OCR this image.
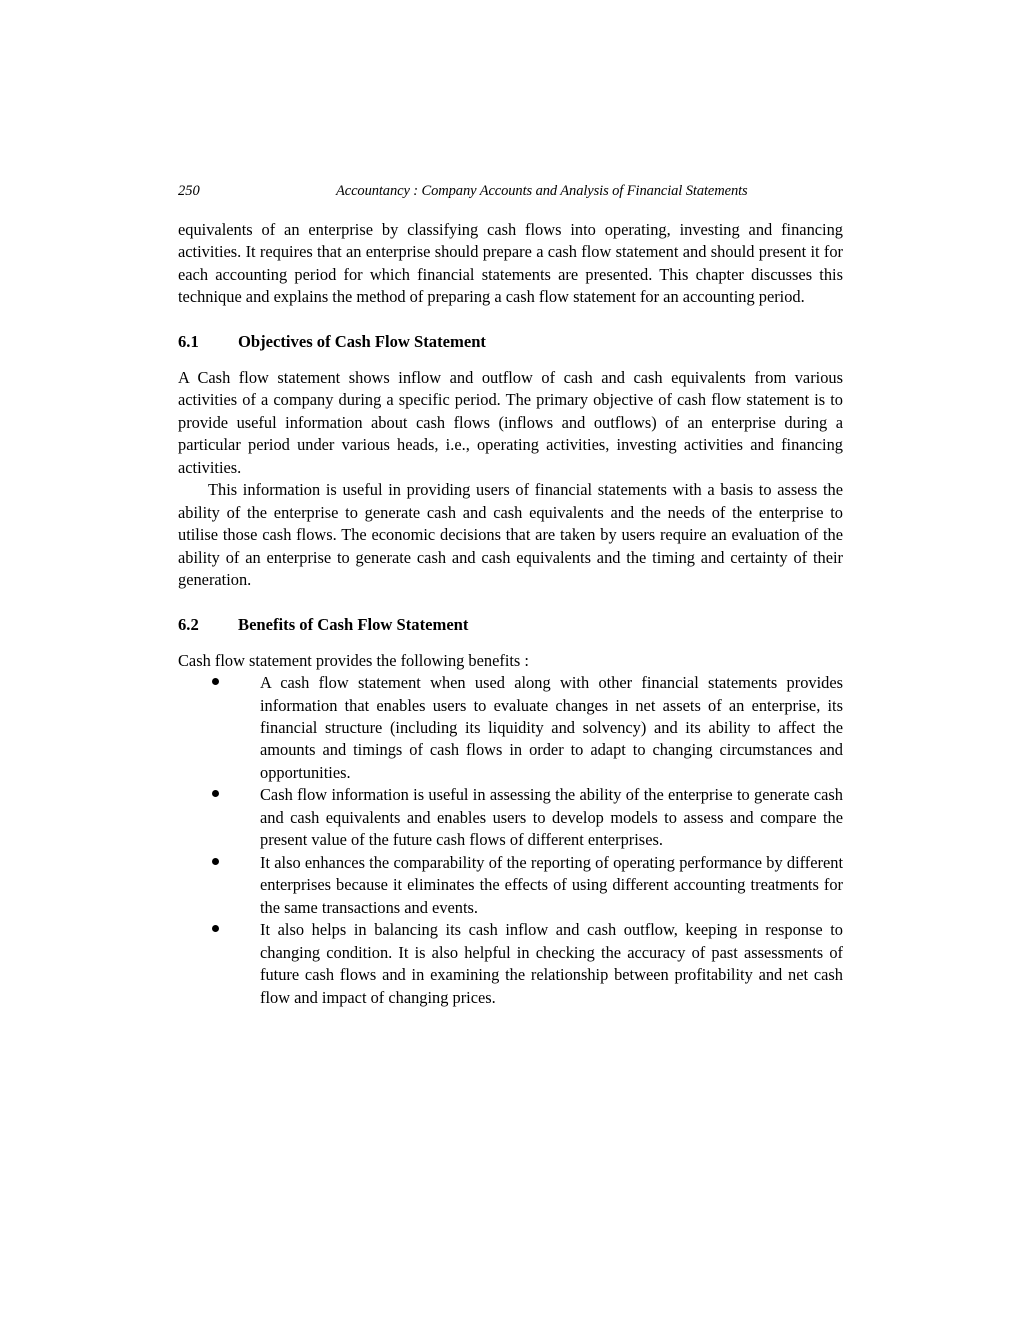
250	Accountancy : Company Accounts and Analysis of Financial Statements

equivalents of an enterprise by classifying cash flows into operating, investing and financing activities. It requires that an enterprise should prepare a cash flow statement and should present it for each accounting period for which financial statements are presented. This chapter discusses this technique and explains the method of preparing a cash flow statement for an accounting period.

6.1	Objectives of Cash Flow Statement

A Cash flow statement shows inflow and outflow of cash and cash equivalents from various activities of a company during a specific period. The primary objective of cash flow statement is to provide useful information about cash flows (inflows and outflows) of an enterprise during a particular period under various heads, i.e., operating activities, investing activities and financing activities.

This information is useful in providing users of financial statements with a basis to assess the ability of the enterprise to generate cash and cash equivalents and the needs of the enterprise to utilise those cash flows. The economic decisions that are taken by users require an evaluation of the ability of an enterprise to generate cash and cash equivalents and the timing and certainty of their generation.

6.2	Benefits of Cash Flow Statement

Cash flow statement provides the following benefits :

A cash flow statement when used along with other financial statements provides information that enables users to evaluate changes in net assets of an enterprise, its financial structure (including its liquidity and solvency) and its ability to affect the amounts and timings of cash flows in order to adapt to changing circumstances and opportunities.
Cash flow information is useful in assessing the ability of the enterprise to generate cash and cash equivalents and enables users to develop models to assess and compare the present value of the future cash flows of different enterprises.
It also enhances the comparability of the reporting of operating performance by different enterprises because it eliminates the effects of using different accounting treatments for the same transactions and events.
It also helps in balancing its cash inflow and cash outflow, keeping in response to changing condition. It is also helpful in checking the accuracy of past assessments of future cash flows and in examining the relationship between profitability and net cash flow and impact of changing prices.
